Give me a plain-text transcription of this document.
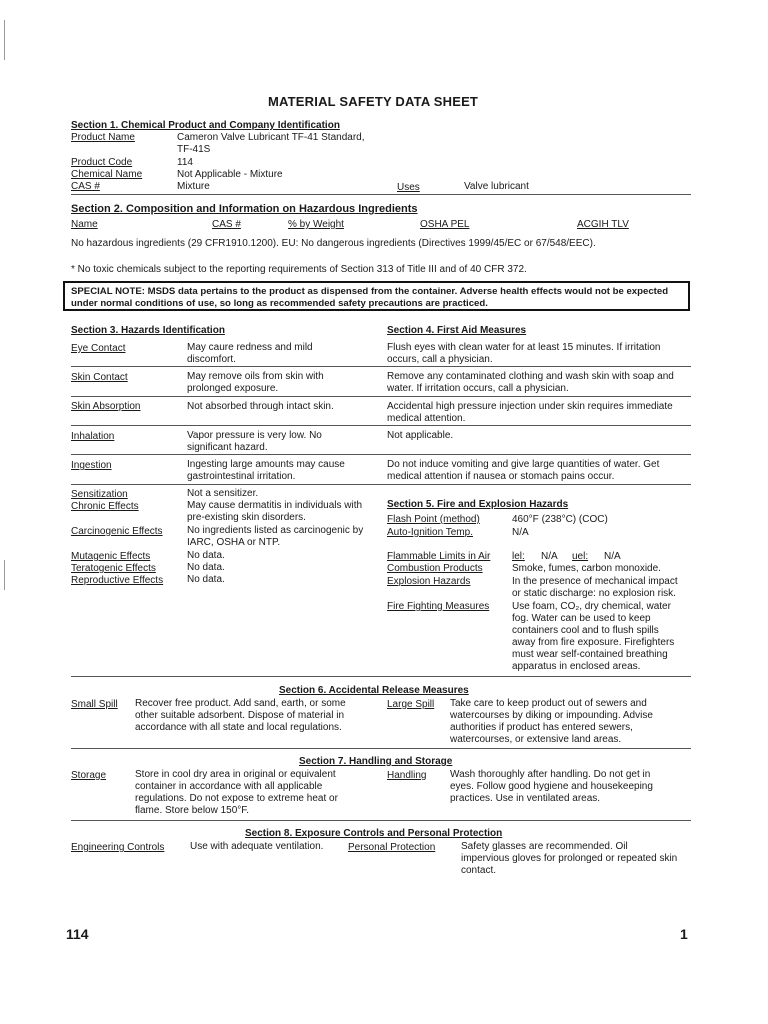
MATERIAL SAFETY DATA SHEET
Section 1. Chemical Product and Company Identification
Product Name	Cameron Valve Lubricant TF-41 Standard,
TF-41S
Product Code	114
Chemical Name	Not Applicable - Mixture
CAS #	Mixture	Uses	Valve lubricant
Section 2. Composition and Information on Hazardous Ingredients
Name	CAS #	% by Weight	OSHA PEL	ACGIH TLV
No hazardous ingredients (29 CFR1910.1200). EU: No dangerous ingredients (Directives 1999/45/EC or 67/548/EEC).
* No toxic chemicals subject to the reporting requirements of Section 313 of Title III and of 40 CFR 372.
SPECIAL NOTE: MSDS data pertains to the product as dispensed from the container. Adverse health effects would not be expected under normal conditions of use, so long as recommended safety precautions are practiced.
Section 3. Hazards Identification	Section 4. First Aid Measures
Eye Contact	May caure redness and mild
discomfort.
Flush eyes with clean water for at least 15 minutes. If irritation
occurs, call a physician.
Skin Contact	May remove oils from skin with
prolonged exposure.
Remove any contaminated clothing and wash skin with soap and
water. If irritation occurs, call a physician.
Skin Absorption	Not absorbed through intact skin.	Accidental high pressure injection under skin requires immediate
medical attention.
Inhalation	Vapor pressure is very low. No
significant hazard.
Not applicable.
Ingestion	Ingesting large amounts may cause
gastrointestinal irritation.
Do not induce vomiting and give large quantities of water. Get
medical attention if nausea or stomach pains occur.
Sensitization	Not a sensitizer.
Chronic Effects	May cause dermatitis in individuals with
pre-existing skin disorders.
Carcinogenic Effects No ingredients listed as carcinogenic by
IARC, OSHA or NTP.
Mutagenic Effects	No data.
Teratogenic Effects	No data.
Reproductive Effects No data.
Section 5. Fire and Explosion Hazards
Flash Point (method)	460°F (238°C) (COC)
Auto-Ignition Temp.	N/A
Flammable Limits in Air lel: N/A uel: N/A
Combustion Products	Smoke, fumes, carbon monoxide.
Explosion Hazards	In the presence of mechanical impact
or static discharge: no explosion risk.
Fire Fighting Measures Use foam, CO₂, dry chemical, water
fog. Water can be used to keep
containers cool and to flush spills
away from fire exposure. Firefighters
must wear self-contained breathing
apparatus in enclosed areas.
Section 6. Accidental Release Measures
Small Spill Recover free product. Add sand, earth, or some
other suitable adsorbent. Dispose of material in
accordance with all state and local regulations.
Large Spill Take care to keep product out of sewers and
watercourses by diking or impounding. Advise
authorities if product has entered sewers,
watercourses, or extensive land areas.
Section 7. Handling and Storage
Storage	Store in cool dry area in original or equivalent
container in accordance with all applicable
regulations. Do not expose to extreme heat or
flame. Store below 150°F.
Handling Wash thoroughly after handling. Do not get in
eyes. Follow good hygiene and housekeeping
practices. Use in ventilated areas.
Section 8. Exposure Controls and Personal Protection
Engineering Controls	Use with adequate ventilation. Personal Protection	Safety glasses are recommended. Oil
impervious gloves for prolonged or repeated skin
contact.
114	1
